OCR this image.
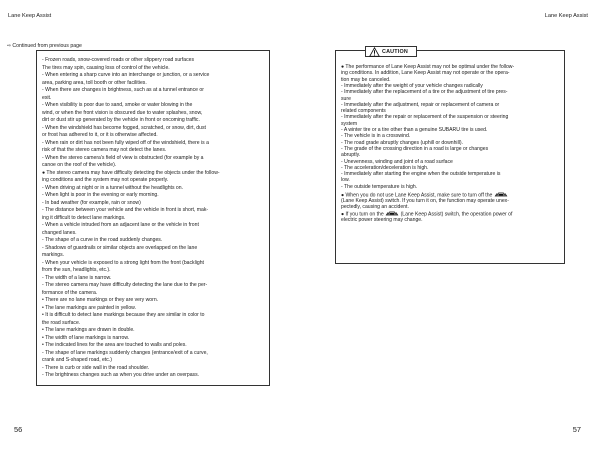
Lane Keep Assist	Lane Keep Assist
⇨Continued from previous page
- Frozen roads, snow-covered roads or other slippery road surfaces
The tires may spin, causing loss of control of the vehicle.
- When entering a sharp curve into an interchange or junction, or a service
area, parking area, toll booth or other facilities.
- When there are changes in brightness, such as at a tunnel entrance or
exit.
- When visibility is poor due to sand, smoke or water blowing in the
wind, or when the front vision is obscured due to water splashes, snow,
dirt or dust stir up generated by the vehicle in front or oncoming traffic.
- When the windshield has become fogged, scratched, or snow, dirt, dust
or frost has adhered to it, or it is otherwise affected.
- When rain or dirt has not been fully wiped off of the windshield, there is a
risk of that the stereo camera may not detect the lanes.
- When the stereo camera's field of view is obstructed (for example by a
canoe on the roof of the vehicle).
● The stereo camera may have difficulty detecting the objects under the follow-
ing conditions and the system may not operate properly.
- When driving at night or in a tunnel without the headlights on.
- When light is poor in the evening or early morning.
- In bad weather (for example, rain or snow)
- The distance between your vehicle and the vehicle in front is short, mak-
ing it difficult to detect lane markings.
- When a vehicle intruded from an adjacent lane or the vehicle in front
changed lanes.
- The shape of a curve in the road suddenly changes.
- Shadows of guardrails or similar objects are overlapped on the lane
markings.
- When your vehicle is exposed to a strong light from the front (backlight
from the sun, headlights, etc.).
- The width of a lane is narrow.
- The stereo camera may have difficulty detecting the lane due to the per-
formance of the camera.
• There are no lane markings or they are very worn.
• The lane markings are painted in yellow.
• It is difficult to detect lane markings because they are similar in color to
the road surface.
• The lane markings are drawn in double.
• The width of lane markings is narrow.
• The indicated lines for the area are touched to walls and poles.
- The shape of lane markings suddenly changes (entrance/exit of a curve,
crank and S-shaped road, etc.)
- There is curb or side wall in the road shoulder.
- The brightness changes such as when you drive under an overpass.
● The performance of Lane Keep Assist may not be optimal under the follow-
ing conditions. In addition, Lane Keep Assist may not operate or the opera-
tion may be canceled.
- Immediately after the weight of your vehicle changes radically
- Immediately after the replacement of a tire or the adjustment of tire pres-
sure
- Immediately after the adjustment, repair or replacement of camera or
related components
- Immediately after the repair or replacement of the suspension or steering
system
- A winter tire or a tire other than a genuine SUBARU tire is used.
- The vehicle is in a crosswind.
- The road grade abruptly changes (uphill or downhill).
- The grade of the crossing direction in a road is large or changes
abruptly.
- Unevenness, winding and joint of a road surface
- The acceleration/deceleration is high.
- Immediately after starting the engine when the outside temperature is
low.
- The outside temperature is high.
● When you do not use Lane Keep Assist, make sure to turn off the
(Lane Keep Assist) switch. If you turn it on, the function may operate unex-
pectedly, causing an accident.
● If you turn on the	(Lane Keep Assist) switch, the operation power of
electric power steering may change.
CAUTION
56	57
